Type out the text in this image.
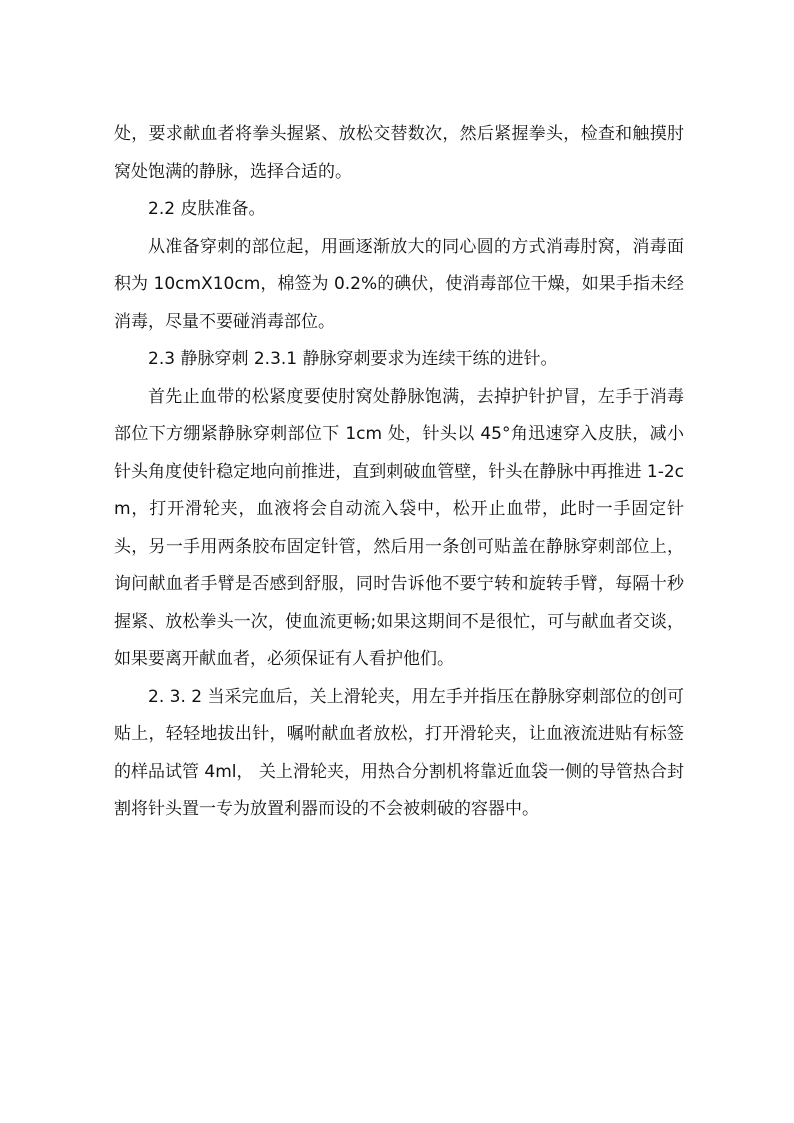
处，要求献血者将拳头握紧、放松交替数次，然后紧握拳头，检查和触摸肘窝处饱满的静脉，选择合适的。

2.2 皮肤准备。

从准备穿刺的部位起，用画逐渐放大的同心圆的方式消毒肘窝，消毒面积为 10cmX10cm，棉签为 0.2%的碘伏，使消毒部位干燥，如果手指未经消毒，尽量不要碰消毒部位。

2.3 静脉穿刺 2.3.1 静脉穿刺要求为连续干练的进针。

首先止血带的松紧度要使肘窝处静脉饱满，去掉护针护冒，左手于消毒部位下方绷紧静脉穿刺部位下 1cm 处，针头以 45°角迅速穿入皮肤，减小针头角度使针稳定地向前推进，直到刺破血管壁，针头在静脉中再推进 1-2cm，打开滑轮夹，血液将会自动流入袋中，松开止血带，此时一手固定针头，另一手用两条胶布固定针管，然后用一条创可贴盖在静脉穿刺部位上，询问献血者手臂是否感到舒服，同时告诉他不要宁转和旋转手臂，每隔十秒握紧、放松拳头一次，使血流更畅;如果这期间不是很忙，可与献血者交谈，如果要离开献血者，必须保证有人看护他们。

2. 3. 2 当采完血后，关上滑轮夹，用左手并指压在静脉穿刺部位的创可贴上，轻轻地拔出针，嘱咐献血者放松，打开滑轮夹，让血液流进贴有标签的样品试管 4ml， 关上滑轮夹，用热合分割机将靠近血袋一侧的导管热合封割将针头置一专为放置利器而设的不会被刺破的容器中。
